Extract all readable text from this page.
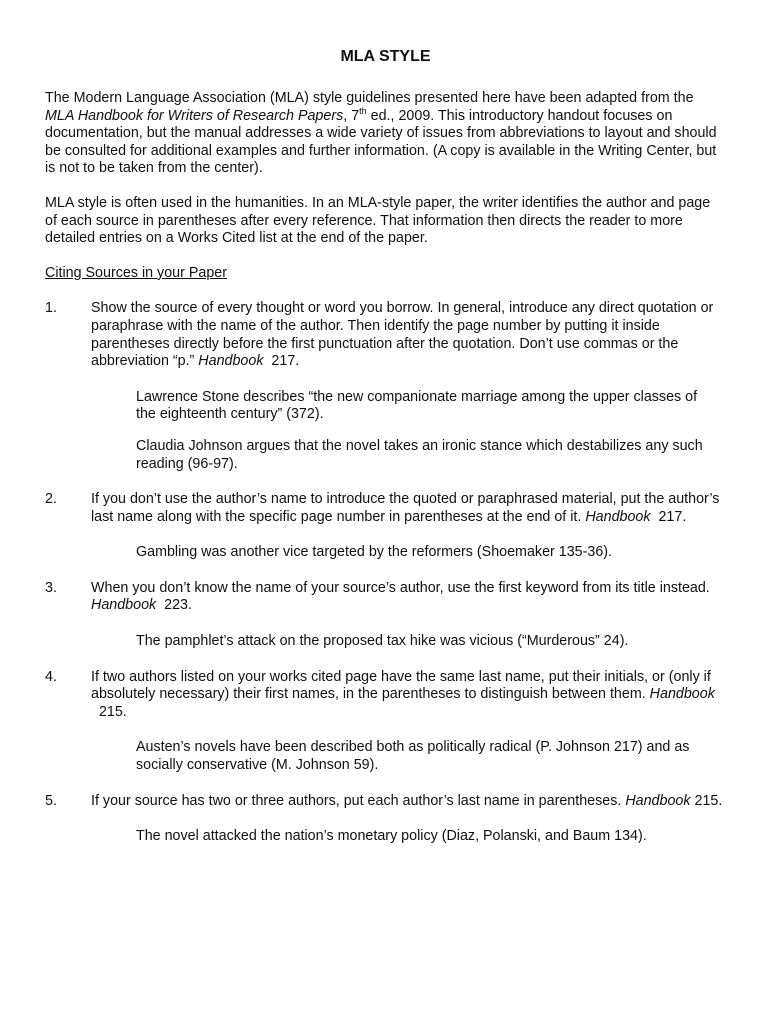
MLA STYLE

The Modern Language Association (MLA) style guidelines presented here have been adapted from the MLA Handbook for Writers of Research Papers, 7th ed., 2009. This introductory handout focuses on documentation, but the manual addresses a wide variety of issues from abbreviations to layout and should be consulted for additional examples and further information. (A copy is available in the Writing Center, but is not to be taken from the center).

MLA style is often used in the humanities. In an MLA-style paper, the writer identifies the author and page of each source in parentheses after every reference. That information then directs the reader to more detailed entries on a Works Cited list at the end of the paper.

Citing Sources in your Paper

1.	Show the source of every thought or word you borrow. In general, introduce any direct quotation or paraphrase with the name of the author. Then identify the page number by putting it inside parentheses directly before the first punctuation after the quotation. Don’t use commas or the abbreviation “p.” Handbook  217.

Lawrence Stone describes “the new companionate marriage among the upper classes of the eighteenth century” (372).

Claudia Johnson argues that the novel takes an ironic stance which destabilizes any such reading (96-97).

2.	If you don’t use the author’s name to introduce the quoted or paraphrased material, put the author’s last name along with the specific page number in parentheses at the end of it. Handbook  217.

Gambling was another vice targeted by the reformers (Shoemaker 135-36).

3.	When you don’t know the name of your source’s author, use the first keyword from its title instead. Handbook  223.

The pamphlet’s attack on the proposed tax hike was vicious (“Murderous” 24).

4.	If two authors listed on your works cited page have the same last name, put their initials, or (only if absolutely necessary) their first names, in the parentheses to distinguish between them. Handbook  215.

Austen’s novels have been described both as politically radical (P. Johnson 217) and as socially conservative (M. Johnson 59).

5.	If your source has two or three authors, put each author’s last name in parentheses. Handbook 215.

The novel attacked the nation’s monetary policy (Diaz, Polanski, and Baum 134).
